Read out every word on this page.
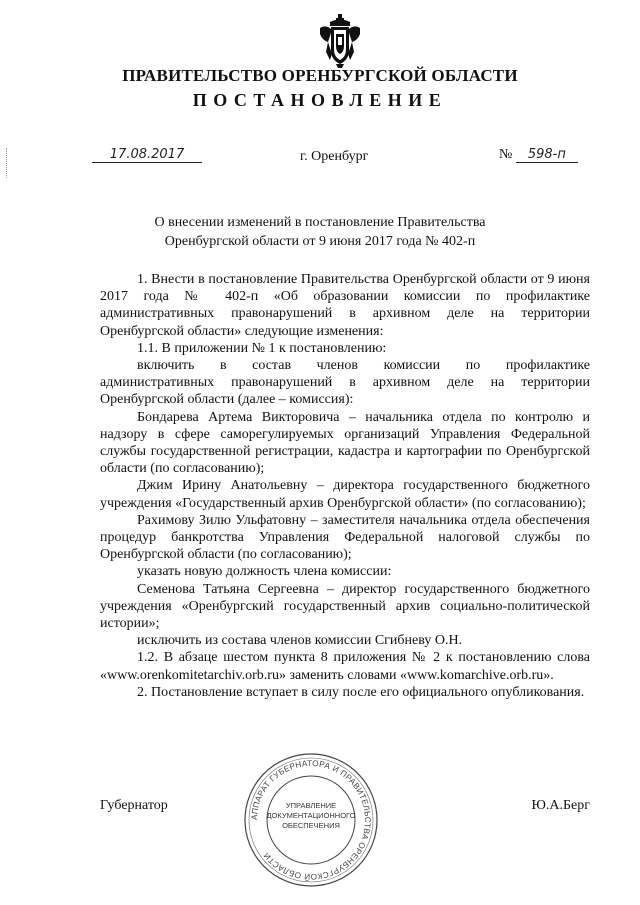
ПРАВИТЕЛЬСТВО ОРЕНБУРГСКОЙ ОБЛАСТИ
ПОСТАНОВЛЕНИЕ
17.08.2017	г. Оренбург	№ 598-п
О внесении изменений в постановление Правительства
Оренбургской области от 9 июня 2017 года № 402-п

1. Внести в постановление Правительства Оренбургской области от 9 июня 2017 года № 402-п «Об образовании комиссии по профилактике административных правонарушений в архивном деле на территории Оренбургской области» следующие изменения:

1.1. В приложении № 1 к постановлению:

включить в состав членов комиссии по профилактике

административных правонарушений в архивном деле на территории Оренбургской области (далее – комиссия):

Бондарева Артема Викторовича – начальника отдела по контролю и надзору в сфере саморегулируемых организаций Управления Федеральной службы государственной регистрации, кадастра и картографии по Оренбургской области (по согласованию);

Джим Ирину Анатольевну – директора государственного бюджетного учреждения «Государственный архив Оренбургской области» (по согласованию);

Рахимову Зилю Ульфатовну – заместителя начальника отдела обеспечения процедур банкротства Управления Федеральной налоговой службы по Оренбургской области (по согласованию);

указать новую должность члена комиссии:

Семенова Татьяна Сергеевна – директор государственного бюджетного учреждения «Оренбургский государственный архив социально-политической истории»;

исключить из состава членов комиссии Сгибневу О.Н.

1.2. В абзаце шестом пункта 8 приложения № 2 к постановлению слова «www.orenkomitetarchiv.orb.ru» заменить словами «www.komarchive.orb.ru».

2. Постановление вступает в силу после его официального опубликования.

Губернатор	Ю.А.Берг
АППАРАТ ГУБЕРНАТОРА И ПРАВИТЕЛЬСТВА ОРЕНБУРГСКОЙ ОБЛАСТИ
УПРАВЛЕНИЕ
ДОКУМЕНТАЦИОННОГО
ОБЕСПЕЧЕНИЯ
